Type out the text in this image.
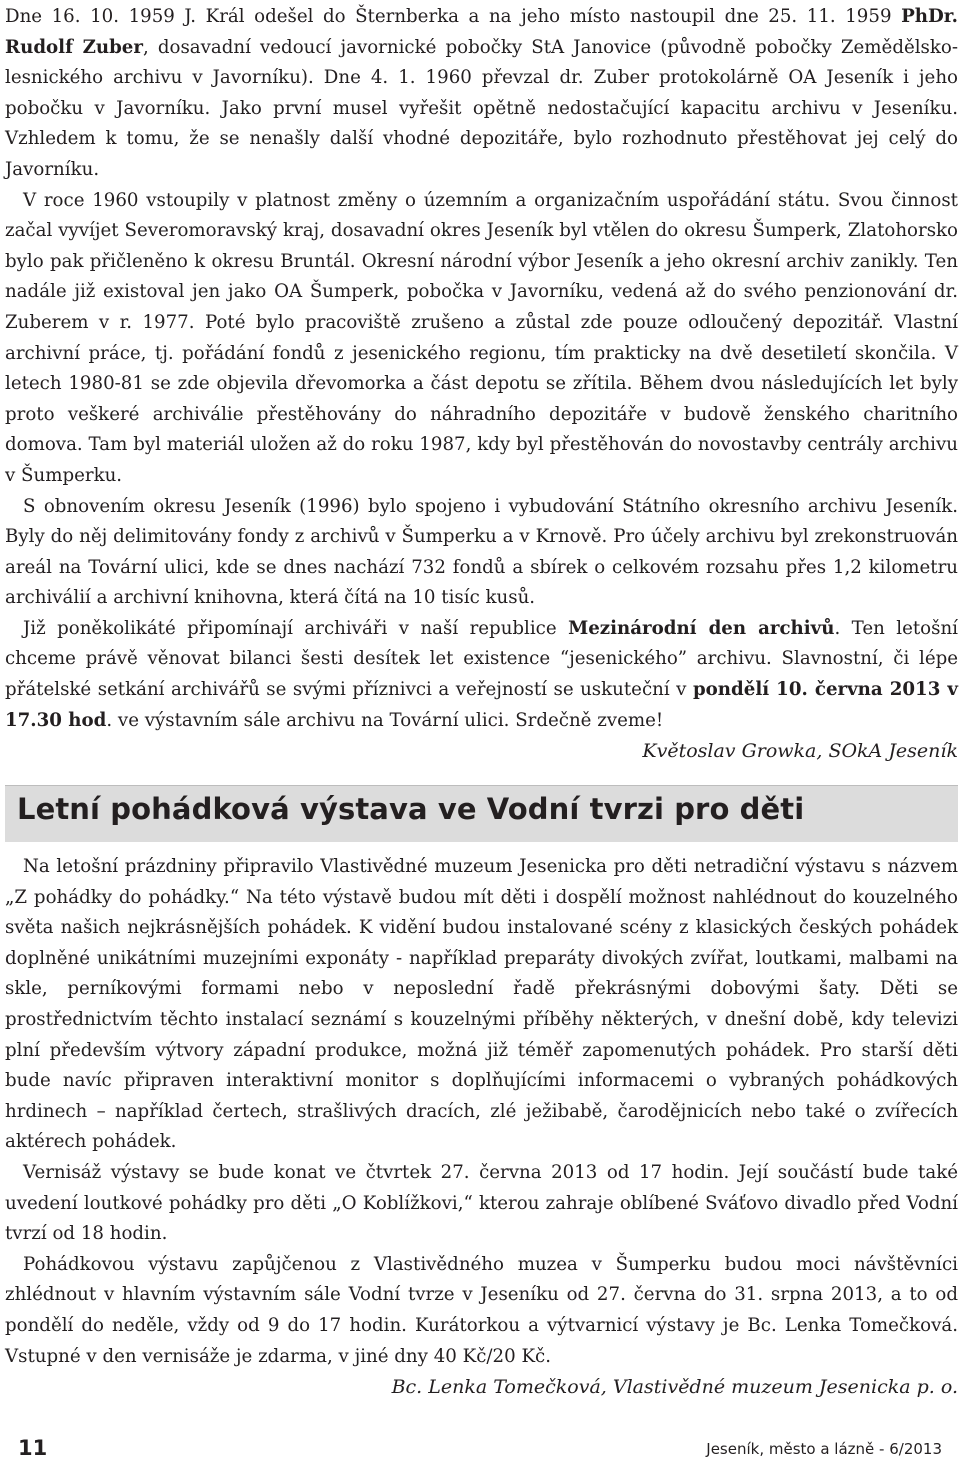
Dne 16. 10. 1959 J. Král odešel do Šternberka a na jeho místo nastoupil dne 25. 11. 1959 PhDr. Rudolf Zuber, dosavadní vedoucí javornické pobočky StA Janovice (původně pobočky Zemědělsko-lesnického archivu v Javorníku). Dne 4. 1. 1960 převzal dr. Zuber protokolárně OA Jeseník i jeho pobočku v Javorníku. Jako první musel vyřešit opětně nedostačující kapacitu archivu v Jeseníku. Vzhledem k tomu, že se nenašly další vhodné depozitáře, bylo rozhodnuto přestěhovat jej celý do Javorníku.

V roce 1960 vstoupily v platnost změny o územním a organizačním uspořádání státu. Svou činnost začal vyvíjet Severomoravský kraj, dosavadní okres Jeseník byl vtělen do okresu Šumperk, Zlatohorsko bylo pak přičleněno k okresu Bruntál. Okresní národní výbor Jeseník a jeho okresní archiv zanikly. Ten nadále již existoval jen jako OA Šumperk, pobočka v Javorníku, vedená až do svého penzionování dr. Zuberem v r. 1977. Poté bylo pracoviště zrušeno a zůstal zde pouze odloučený depozitář. Vlastní archivní práce, tj. pořádání fondů z jesenického regionu, tím prakticky na dvě desetiletí skončila. V letech 1980-81 se zde objevila dřevomorka a část depotu se zřítila. Během dvou následujících let byly proto veškeré archiválie přestěhovány do náhradního depozitáře v budově ženského charitního domova. Tam byl materiál uložen až do roku 1987, kdy byl přestěhován do novostavby centrály archivu v Šumperku.

S obnovením okresu Jeseník (1996) bylo spojeno i vybudování Státního okresního archivu Jeseník. Byly do něj delimitovány fondy z archivů v Šumperku a v Krnově. Pro účely archivu byl zrekonstruován areál na Tovární ulici, kde se dnes nachází 732 fondů a sbírek o celkovém rozsahu přes 1,2 kilometru archiválií a archivní knihovna, která čítá na 10 tisíc kusů.

Již poněkolikáté připomínají archiváři v naší republice Mezinárodní den archivů. Ten letošní chceme právě věnovat bilanci šesti desítek let existence “jesenického” archivu. Slavnostní, či lépe přátelské setkání archivářů se svými příznivci a veřejností se uskuteční v pondělí 10. června 2013 v 17.30 hod. ve výstavním sále archivu na Tovární ulici. Srdečně zveme!

Květoslav Growka, SOkA Jeseník

Letní pohádková výstava ve Vodní tvrzi pro děti

Na letošní prázdniny připravilo Vlastivědné muzeum Jesenicka pro děti netradiční výstavu s názvem „Z pohádky do pohádky.“ Na této výstavě budou mít děti i dospělí možnost nahlédnout do kouzelného světa našich nejkrásnějších pohádek. K vidění budou instalované scény z klasických českých pohádek doplněné unikátními muzejními exponáty - například preparáty divokých zvířat, loutkami, malbami na skle, perníkovými formami nebo v neposlední řadě překrásnými dobovými šaty. Děti se prostřednictvím těchto instalací seznámí s kouzelnými příběhy některých, v dnešní době, kdy televizi plní především výtvory západní produkce, možná již téměř zapomenutých pohádek. Pro starší děti bude navíc připraven interaktivní monitor s doplňujícími informacemi o vybraných pohádkových hrdinech – například čertech, strašlivých dracích, zlé ježibabě, čarodějnicích nebo také o zvířecích aktérech pohádek.

Vernisáž výstavy se bude konat ve čtvrtek 27. června 2013 od 17 hodin. Její součástí bude také uvedení loutkové pohádky pro děti „O Koblížkovi,“ kterou zahraje oblíbené Sváťovo divadlo před Vodní tvrzí od 18 hodin.

Pohádkovou výstavu zapůjčenou z Vlastivědného muzea v Šumperku budou moci návštěvníci zhlédnout v hlavním výstavním sále Vodní tvrze v Jeseníku od 27. června do 31. srpna 2013, a to od pondělí do neděle, vždy od 9 do 17 hodin. Kurátorkou a výtvarnicí výstavy je Bc. Lenka Tomečková. Vstupné v den vernisáže je zdarma, v jiné dny 40 Kč/20 Kč.

Bc. Lenka Tomečková, Vlastivědné muzeum Jesenicka p. o.

11	Jeseník, město a lázně - 6/2013
